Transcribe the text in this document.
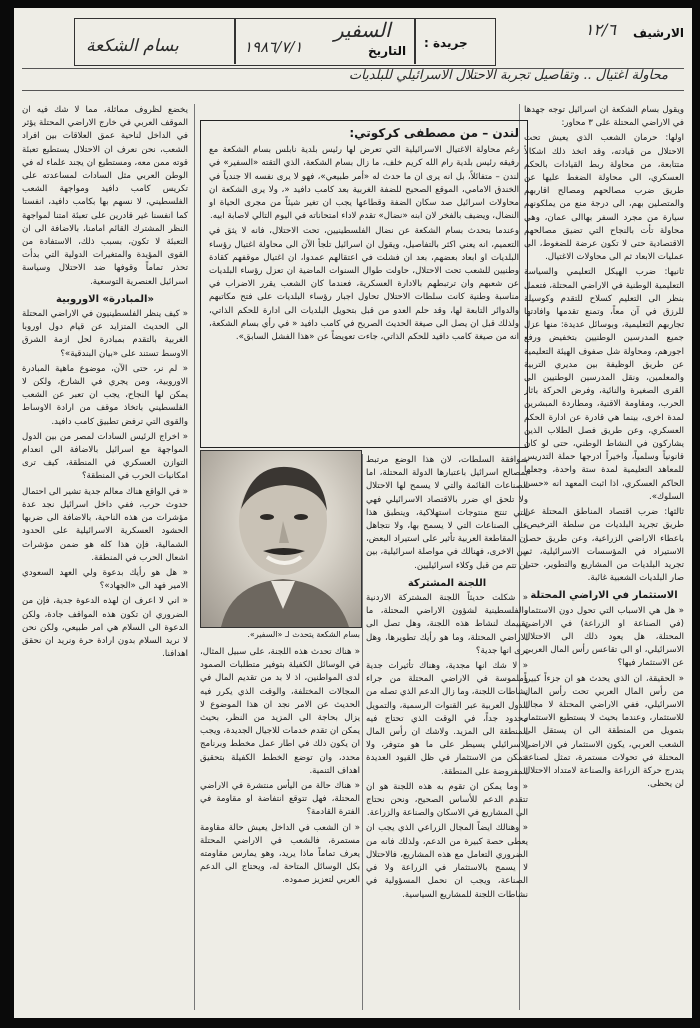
الارشيف
١٢/٦
جريدة :
السفير
التاريخ
١٩٨٦/٧/١
بسام الشكعة
محاولة اغتيال .. وتقاصيل تجربة الاحتلال الاسرائيلي للبلديات

ويقول بسام الشكعة ان اسرائيل توجه جهدها في الاراضي المحتلة على ٣ محاور:

اولها: حرمان الشعب الذي يعيش تحت الاحتلال من قيادته، وقد اتخذ ذلك اشكالاً متتابعة، من محاولة ربط القيادات بالحكم العسكري، الى محاولة الضغط عليها عن طريق ضرب مصالحهم ومصالح اقاربهم والمتصلين بهم، الى درجة منع من يملكونهم سيارة من مجرد السفر بهاالى عمان، وهي محاولة تأت بالنجاح التي تضيق مصالحهم الاقتصادية حتى لا تكون عرضة للضغوط، الى عمليات الابعاد ثم الى محاولات الاغتيال.

ثانيها: ضرب الهيكل التعليمي والسياسة التعليمية الوطنية في الاراضي المحتلة، فتعمل بنظر الى التعليم كسلاح للتقدم وكوسيلة للرزق في آن معاً، وتمنع تقدمها وافادتها تجاربهم التعليمية، وبوسائل عديدة: منها عزل جميع المدرسين الوطنيين بتخفيض ورفع اجورهم، ومحاولة شل صفوف الهيئة التعليمية عن طريق الوظيفة بين مديري التربية والمعلمين، ونقل المدرسين الوطنيين الى القرى الصغيرة والنائية، وفرض الحركة باثار الحرب، ومقاومة الاقنية، ومطاردة المبشرين لمدة اخرى، بينما هي قادرة عن ادارة الحكم العسكري، وعن طريق فصل الطلاب الذين يشاركون في النشاط الوطني، حتى لو كان قانونياً وسلمياً، واخيراً ادرجها حملة التدريس للمعاهد التعليمية لمدة ستة واحدة، وجعلها الحاكم العسكري، اذا اثبت المعهد انه «حسن السلوك».

ثالثها: ضرب اقتصاد المناطق المحتلة عن طريق تجريد البلديات من سلطة الترخيص، باعطاء الاراضي الزراعية، وعن طريق حصر الاستيراد في المؤسسات الاسرائيلية، ثم تجريد البلديات من المشاريع والتطوير، حتى صار البلديات الشعبية غائبة.

الاستثمار في الاراضي المحتلة

« هل هي الاسباب التي تحول دون الاستثمار (في الصناعة او الزراعة) في الاراضي المحتلة، هل يعود ذلك الى الاحتلال الاسرائيلي، او الى تقاعس رأس المال العربي عن الاستثمار فيها؟

« الحقيقة، ان الذي يحدث هو ان جزءاً كبيراً من رأس المال العربي تحت رأس المال الاسرائيلي، ففي الاراضي المحتلة لا مجال للاستثمار، وعندما بحيث لا يستطيع الاستثمار بتمويل من المنطقة الى ان يستقل الى الشعب العربي، يكون الاستثمار في الاراضي المحتلة في تحولات مستمرة، تمثل لصناعة يتدرج حركة الزراعة والصناعة لامتداد الاحتلال لن يحظى.

لندن – من مصطفى كركوتي:

رغم محاولة الاغتيال الاسرائيلية التي تعرض لها رئيس بلدية نابلس بسام الشكعة مع رفيقه رئيس بلدية رام الله كريم خلف، ما زال بسام الشكعة، الذي التقته «السفير» في لندن – متفائلاً، بل انه يرى ان ما حدث له «أمر طبيعي»، فهو لا يرى نفسه الا جندياً في الخندق الامامي، الموقع الصحيح للضفة الغربية بعد كامب دافيد «، ولا يرى الشكعة ان محاولات اسرائيل صد سكان الضفة وقطاعها يجب ان تغير شيئاً من مجرى الحياة او النضال، ويضيف بالفخر لان ابنه «نضال» تقدم لاداء امتحاناته في اليوم التالي لاصابة ابيه.

وعندما بتحدث بسام الشكعة عن نضال الفلسطينيين، تحت الاحتلال، فانه لا يثق في التعميم، انه يعني اكثر بالتفاصيل، ويقول ان اسرائيل تلجأ الآن الى محاولة اغتيال رؤساء البلديات او ابعاد بعضهم، بعد ان فشلت في اعتقالهم عمدوا، ان اغتيال موقفهم كقادة وطنيين للشعب تحت الاحتلال، حاولت طوال السنوات الماضية ان تعزل رؤساء البلديات عن شعبهم وان ترتبطهم بالادارة العسكرية، فعندما كان الشعب يقرر الاضراب في مناسبة وطنية كانت سلطات الاحتلال تحاول اجبار رؤساء البلديات على فتح مكاتبهم والدوائر التابعة لها، وقد حلم العدو من قبل بتحويل البلديات الى ادارة للحكم الذاتي، ولذلك قبل ان يصل الى صيغة الحديث الصريح في كامب دافيد « في رأي بسام الشكعة، انه من صيغة كامب دافيد للحكم الذاتي، جاءت تعويضاً عن «هذا الفشل السابق».

بموافقة السلطات، لان هذا الوضع مرتبط بمصالح اسرائيل باعتبارها الدولة المحتلة، اما الصناعات القائمة والتي لا يسمح لها الاحتلال ولا تلحق اي ضرر بالاقتصاد الاسرائيلي فهي التي تنتج منتوجات استهلاكية، وينطبق هذا على الصناعات التي لا يسمح بها، ولا نتجاهل ان المقاطعة العربية تأثير على استيراد البعض، بين الاخرى، فهنالك في مواصلة اسرائيلية، بين ان تتم من قبل وكلاء اسرائيليين.

اللجنة المشتركة

« شكلت حديثاً اللجنة المشتركة الاردنية والفلسطينية لشؤون الاراضي المحتلة، ما تقييمك لنشاط هذه اللجنة، وهل تصل الى الاراضي المحتلة، وما هو رأيك تطويرها، وهل ترى انها جدية؟

« لا شك انها مجدية، وهناك تأثيرات جدية وملموسة في الاراضي المحتلة من جراء نشاطات اللجنة، وما زال الدعم الذي تصله من الدول العربية عبر القنوات الرسمية، والتمويل محدود جداً، في الوقت الذي تحتاج فيه المنطقة الى المزيد. ولاشك ان رأس المال الاسرائيلي يسيطر على ما هو متوفر، ولا نتمكن من الاستثمار في ظل القيود العديدة المفروضة على المنطقة.

« وما يمكن ان تقوم به هذه اللجنة هو ان تتقدم الدعم للأساس الصحيح، ونحن نحتاج الى المشاريع في الاسكان والصناعة والزراعة.

« وهنالك ايضاً المجال الزراعي الذي يجب ان يعطى حصة كبيرة من الدعم، ولذلك فانه من الضروري التعامل مع هذه المشاريع، فالاحتلال لا يسمح بالاستثمار في الزراعة ولا في الصناعة، ويجب ان نحمل المسؤولية في نشاطات اللجنة للمشاريع السياسية.

بسام الشكعة يتحدث لـ «السفير».

« هناك تحدث هذه اللجنة، على سبيل المثال، في الوسائل الكفيلة بتوفير متطلبات الصمود لدى المواطنين، اذ لا بد من تقديم المال في المجالات المختلفة، والوقت الذي يكرر فيه الحديث عن الامر نجد ان هذا الموضوع لا يزال بحاجة الى المزيد من النظر، بحيث يمكن ان تقدم خدمات للاجيال الجديدة، ويجب ان يكون ذلك في اطار عمل مخطط وبرنامج محدد، وان توضع الخطط الكفيلة بتحقيق اهداف التنمية.

« هناك حالة من اليأس منتشرة في الاراضي المحتلة، فهل تتوقع انتفاضة او مقاومة في الفترة القادمة؟

« ان الشعب في الداخل يعيش حالة مقاومة مستمرة، فالشعب في الاراضي المحتلة يعرف تماماً ماذا يريد، وهو يمارس مقاومته بكل الوسائل المتاحة له، ويحتاج الى الدعم العربي لتعزيز صموده.

يخضع لظروف مماثلة، مما لا شك فيه ان الموقف العربي في خارج الاراضي المحتلة يؤثر في الداخل لناحية عمق العلاقات بين افراد الشعب، نحن نعرف ان الاحتلال يستطيع تعبئة قوته ممن معه، ومستطيع ان يجند علماء له في الوطن العربي مثل السادات لمساعدته على تكريس كامب دافيد ومواجهة الشعب الفلسطيني، لا نسهم بها بكامب دافيد، انفسنا كما انفسنا غير قادرين على تعبئة امتنا لمواجهة النظر المشترك القائم امامنا، بالاضافة الى ان التعبئة لا تكون، بسبب ذلك، الاستفادة من القوى المؤيدة والمتغيرات الدولية التي بدأت تحذر تماماً وقوفها ضد الاحتلال وسياسة اسرائيل العنصرية التوسعية.

«المبادرة» الاوروبية

« كيف ينظر الفلسطينيون في الاراضي المحتلة الى الحديث المتزايد عن قيام دول اوروبا الغربية بالتقدم بمبادرة لحل ازمة الشرق الاوسط تستند على «بيان البندقية»؟

« لم نر، حتى الآن، موضوع ماهية المبادرة الاوروبية، ومن يجري في الشارع، ولكن لا يمكن لها النجاح، يجب ان تعبر عن الشعب الفلسطيني باتخاذ موقف من ارادة الاوساط والقوى التي ترفض تطبيق كامب دافيد.

« اخراج الرئيس السادات لمصر من بين الدول المواجهة مع اسرائيل بالاضافة الى انعدام التوازن العسكري في المنطقة، كيف ترى امكانيات الحرب في المنطقة؟

« في الواقع هناك معالم جدية تشير الى احتمال حدوث حرب، ففي داخل اسرائيل نجد عدة مؤشرات من هذه الناحية، بالاضافة الى ضربها الحشود العسكرية الاسرائيلية على الحدود الشمالية، فإن هذا كله هو ضمن مؤشرات اشعال الحرب في المنطقة.

« هل هو رأيك بدعوة ولي العهد السعودي الامير فهد الى «الجهاد»؟

« اني لا اعرف ان لهذه الدعوة جدية، فإن من الضروري ان تكون هذه المواقف جادة، ولكن الدعوة الى السلام هي امر طبيعي، ولكن نحن لا نريد السلام بدون ارادة حرة ونريد ان نحقق اهدافنا.
